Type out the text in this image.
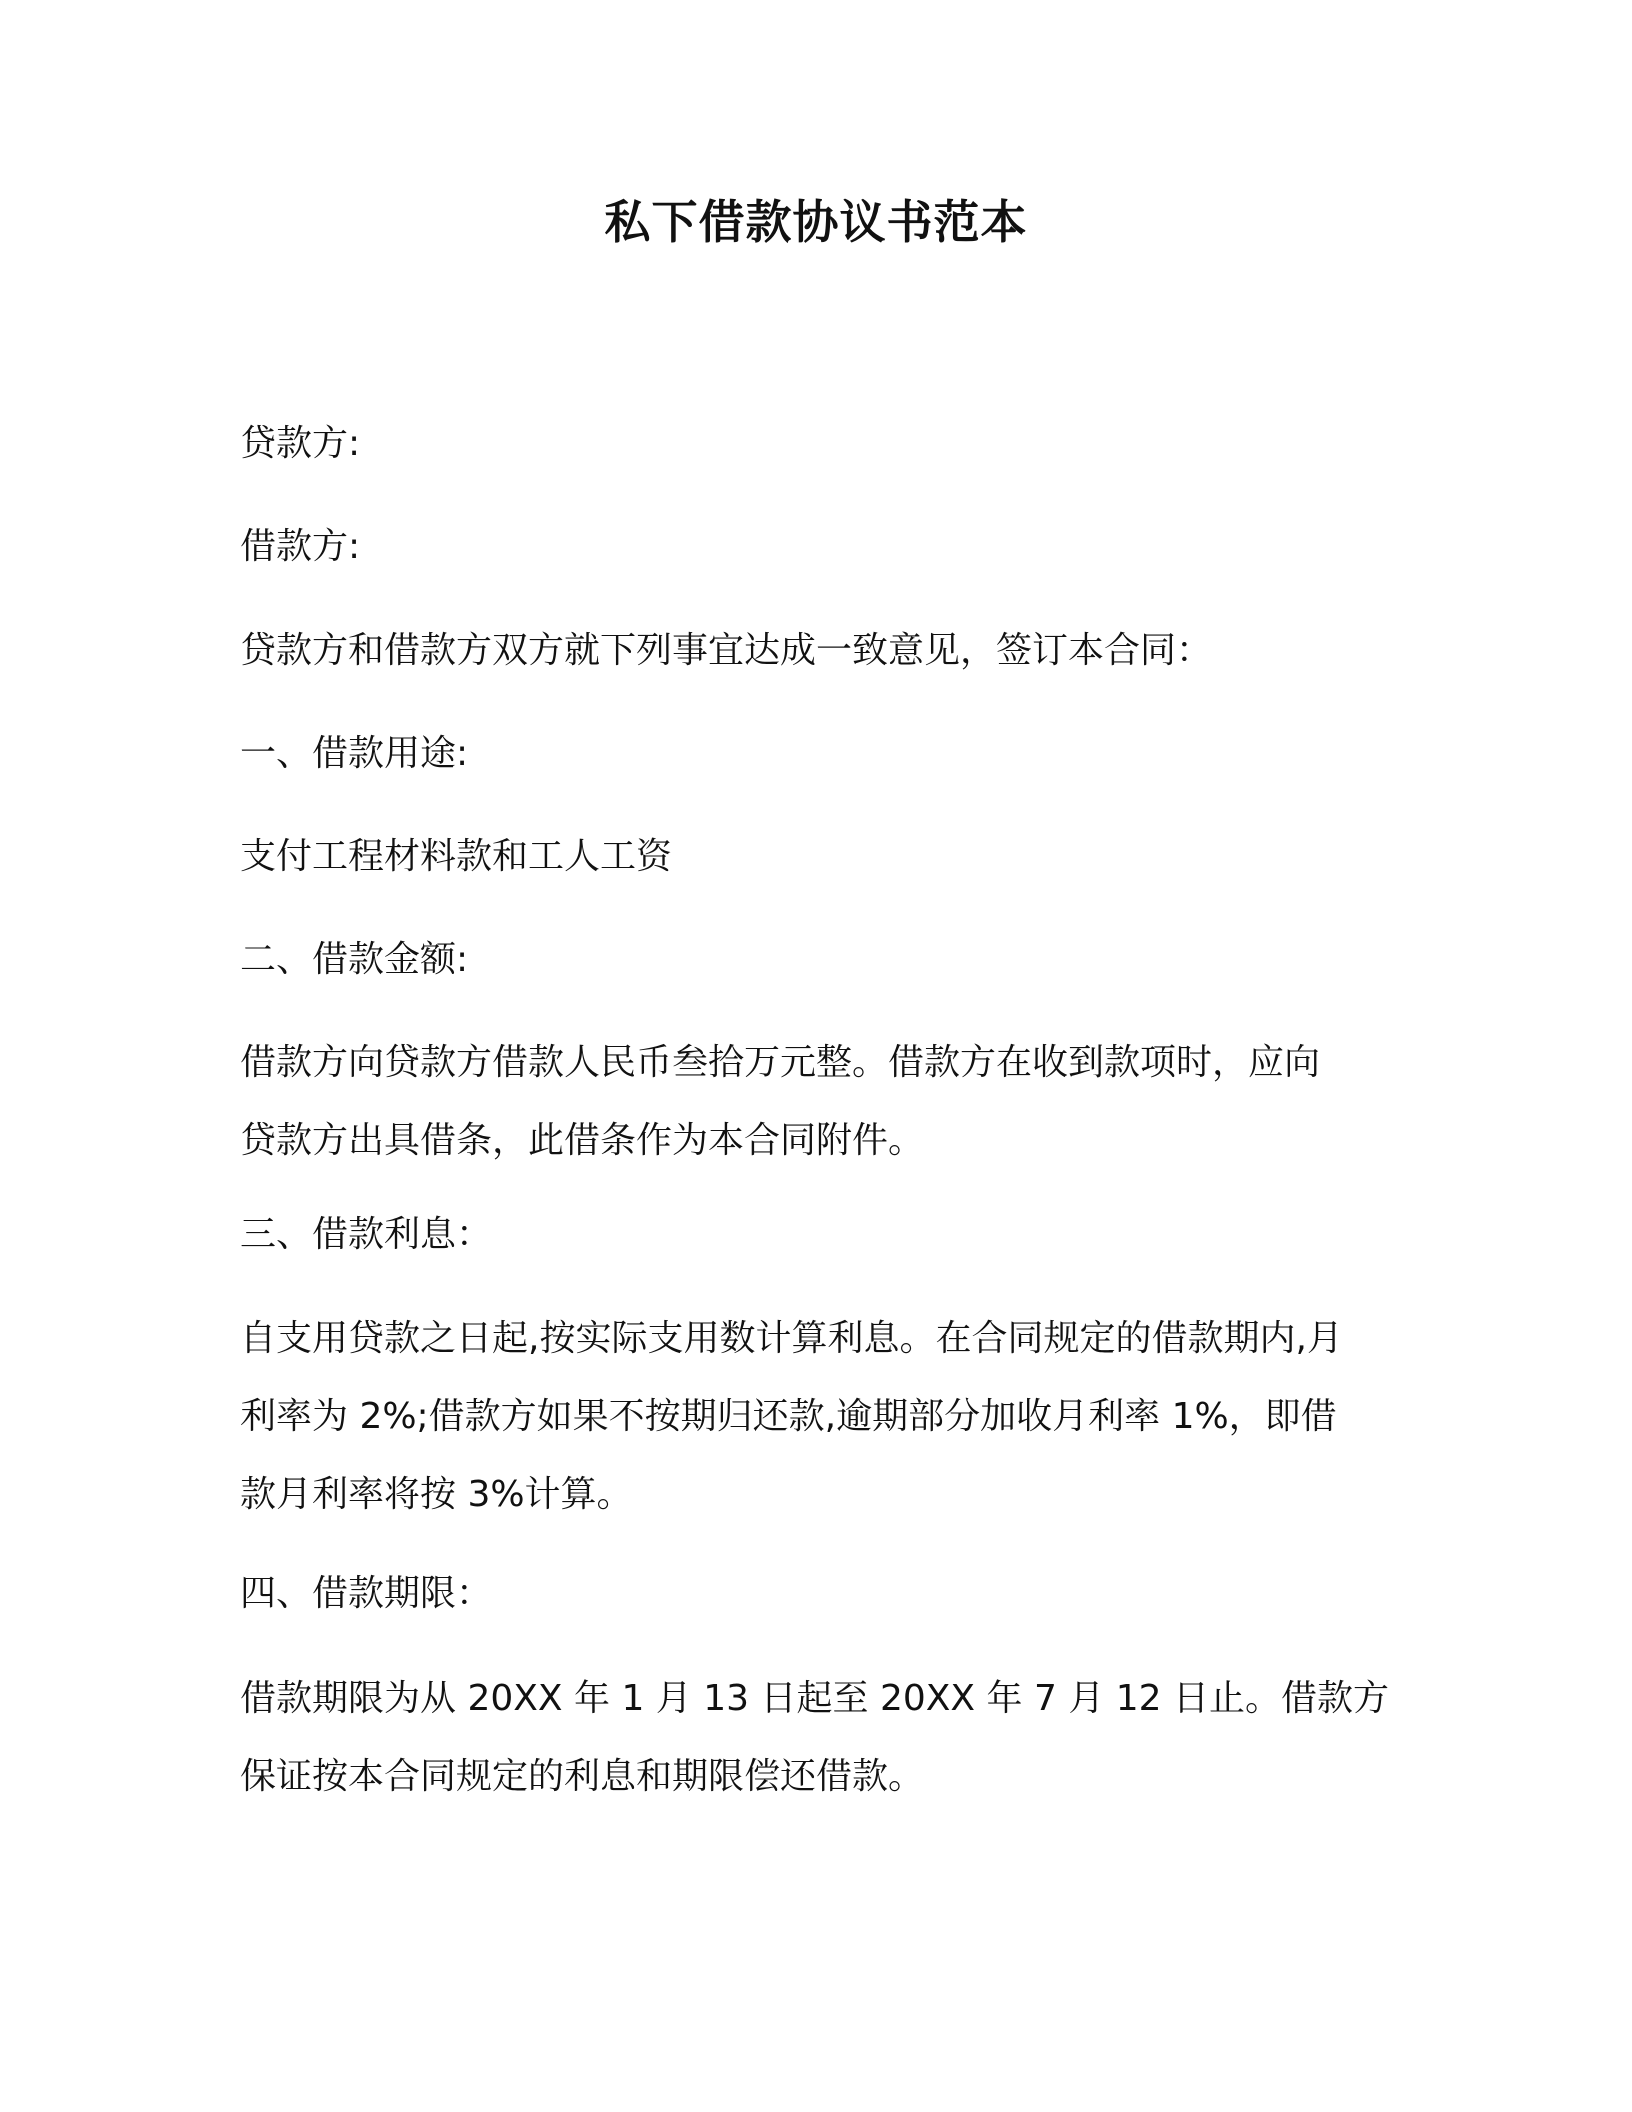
私下借款协议书范本
贷款方:
借款方:
贷款方和借款方双方就下列事宜达成一致意见，签订本合同：
一、借款用途:
支付工程材料款和工人工资
二、借款金额:
借款方向贷款方借款人民币叁拾万元整。借款方在收到款项时，应向
贷款方出具借条，此借条作为本合同附件。
三、借款利息：
自支用贷款之日起,按实际支用数计算利息。在合同规定的借款期内,月
利率为 2%;借款方如果不按期归还款,逾期部分加收月利率 1%，即借
款月利率将按 3%计算。
四、借款期限：
借款期限为从 20XX 年 1 月 13 日起至 20XX 年 7 月 12 日止。借款方
保证按本合同规定的利息和期限偿还借款。
